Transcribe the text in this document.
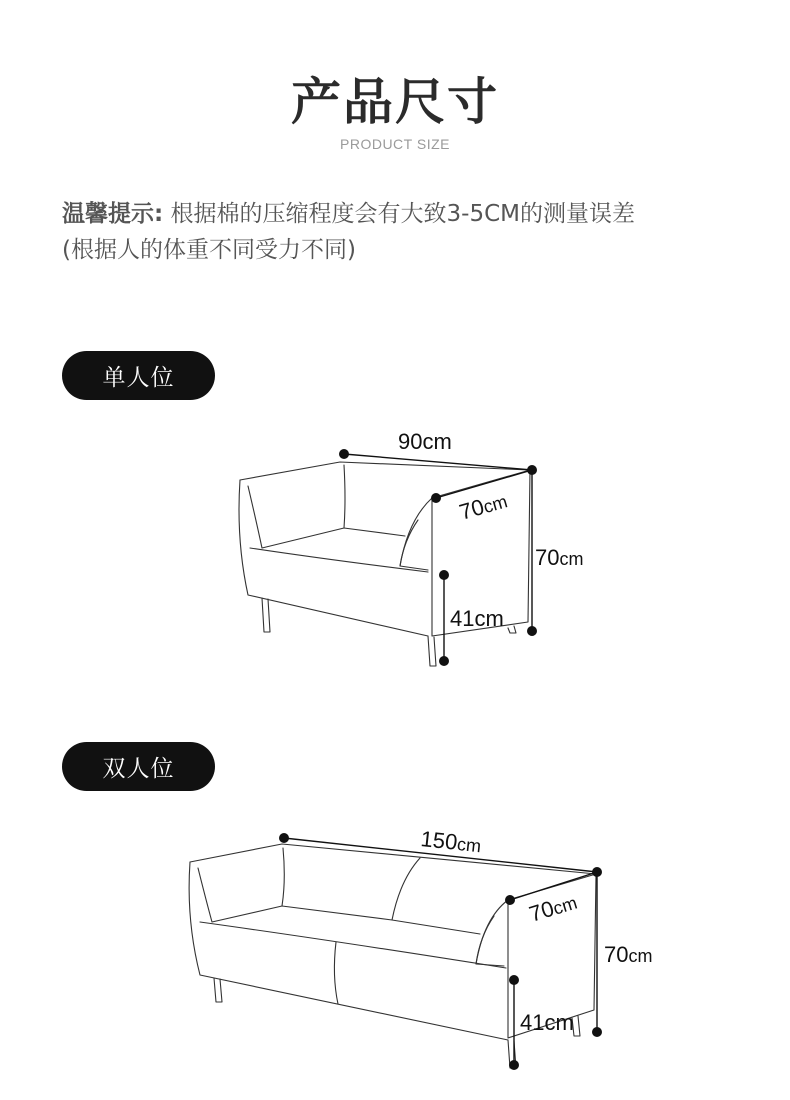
产品尺寸
PRODUCT SIZE
温馨提示: 根据棉的压缩程度会有大致3-5CM的测量误差
(根据人的体重不同受力不同)
单人位
90cm
70cm
70cm
41cm
双人位
150cm
70cm
70cm
41cm
